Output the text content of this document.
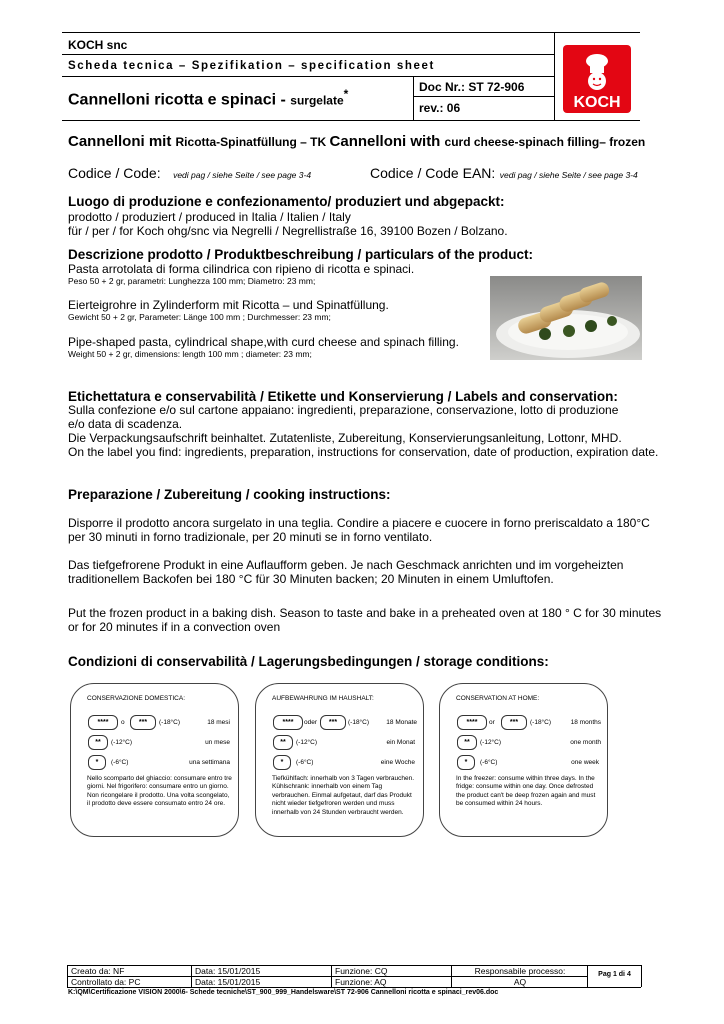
KOCH snc
Scheda tecnica – Spezifikation – specification sheet
Cannelloni ricotta e spinaci - surgelate*	Doc Nr.: ST 72-906
rev.: 06	KOCH
Cannelloni mit Ricotta-Spinatfüllung – TK Cannelloni with curd cheese-spinach filling– frozen
Codice / Code: vedi pag / siehe Seite / see page 3-4	Codice / Code EAN: vedi pag / siehe Seite / see page 3-4
Luogo di produzione e confezionamento/ produziert und abgepackt:
prodotto / produziert / produced in Italia / Italien / Italy
für / per / for Koch ohg/snc via Negrelli / Negrellistraße 16, 39100 Bozen / Bolzano.
Descrizione prodotto / Produktbeschreibung / particulars of the product:
Pasta arrotolata di forma cilindrica con ripieno di ricotta e spinaci.
Peso 50 + 2 gr, parametri: Lunghezza 100 mm; Diametro: 23 mm;
Eierteigrohre in Zylinderform mit Ricotta – und Spinatfüllung.
Gewicht 50 + 2 gr, Parameter: Länge 100 mm ; Durchmesser: 23 mm;
Pipe-shaped pasta, cylindrical shape,with curd cheese and spinach filling.
Weight 50 + 2 gr, dimensions: length 100 mm ; diameter: 23 mm;
Etichettatura e conservabilità / Etikette und Konservierung / Labels and conservation:
Sulla confezione e/o sul cartone appaiano: ingredienti, preparazione, conservazione, lotto di produzione
e/o data di scadenza.
Die Verpackungsaufschrift beinhaltet. Zutatenliste, Zubereitung, Konservierungsanleitung, Lottonr, MHD.
On the label you find: ingredients, preparation, instructions for conservation, date of production, expiration date.
Preparazione / Zubereitung / cooking instructions:
Disporre il prodotto ancora surgelato in una teglia. Condire a piacere e cuocere in forno preriscaldato a 180°C
per 30 minuti in forno tradizionale, per 20 minuti se in forno ventilato.
Das tiefgefrorene Produkt in eine Auflaufform geben. Je nach Geschmack anrichten und im vorgeheizten
traditionellem Backofen bei 180 °C für 30 Minuten backen; 20 Minuten in einem Umluftofen.
Put the frozen product in a baking dish. Season to taste and bake in a preheated oven at 180 ° C for 30 minutes
or for 20 minutes if in a convection oven
Condizioni di conservabilità / Lagerungsbedingungen / storage conditions:
CONSERVAZIONE DOMESTICA:
****	o	***	(-18°C)	18 mesi
**	(-12°C)	un mese
*	(-6°C)	una settimana
Nello scomparto del ghiaccio: consumare entro tre giorni. Nel frigorifero: consumare entro un giorno. Non ricongelare il prodotto. Una volta scongelato, il prodotto deve essere consumato entro 24 ore.
AUFBEWAHRUNG IM HAUSHALT:
****	oder	***	(-18°C)	18 Monate
**	(-12°C)	ein Monat
*	(-6°C)	eine Woche
Tiefkühlfach: innerhalb von 3 Tagen verbrauchen. Kühlschrank: innerhalb von einem Tag verbrauchen. Einmal aufgetaut, darf das Produkt nicht wieder tiefgefroren werden und muss innerhalb von 24 Stunden verbraucht werden.
CONSERVATION AT HOME:
****	or	***	(-18°C)	18 months
**	(-12°C)	one month
*	(-6°C)	one week
In the freezer: consume within three days. In the fridge: consume within one day. Once defrosted the product can't be deep frozen again and must be consumed within 24 hours.
Creato da: NF	Data: 15/01/2015	Funzione: CQ	Responsabile processo:
Controllato da: PC	Data: 15/01/2015	Funzione: AQ	AQ
Pag 1 di 4
K:\QM\Certificazione VISION 2000\6- Schede tecniche\ST_900_999_Handelsware\ST 72-906 Cannelloni ricotta e spinaci_rev06.doc
